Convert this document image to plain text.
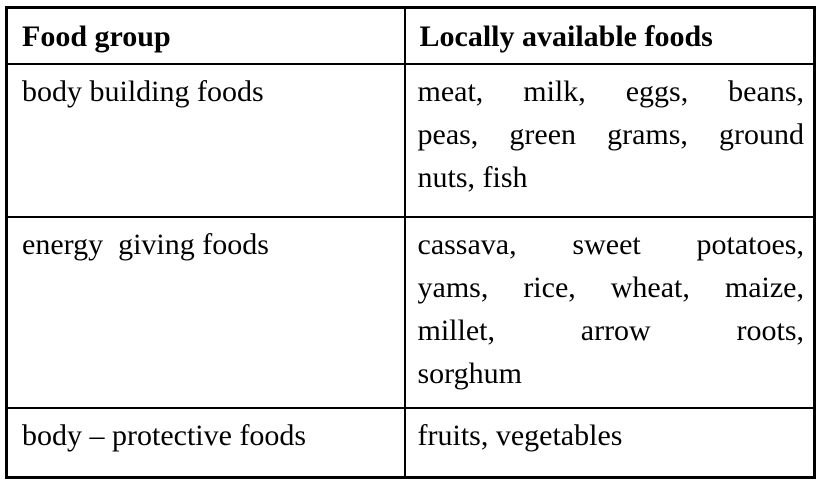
Food group	Locally available foods
body building foods	meat, milk, eggs, beans,
peas, green grams, ground
nuts, fish

energy  giving foods	cassava, sweet potatoes,
yams, rice, wheat, maize,
millet, arrow roots,
sorghum

body – protective foods	fruits, vegetables
